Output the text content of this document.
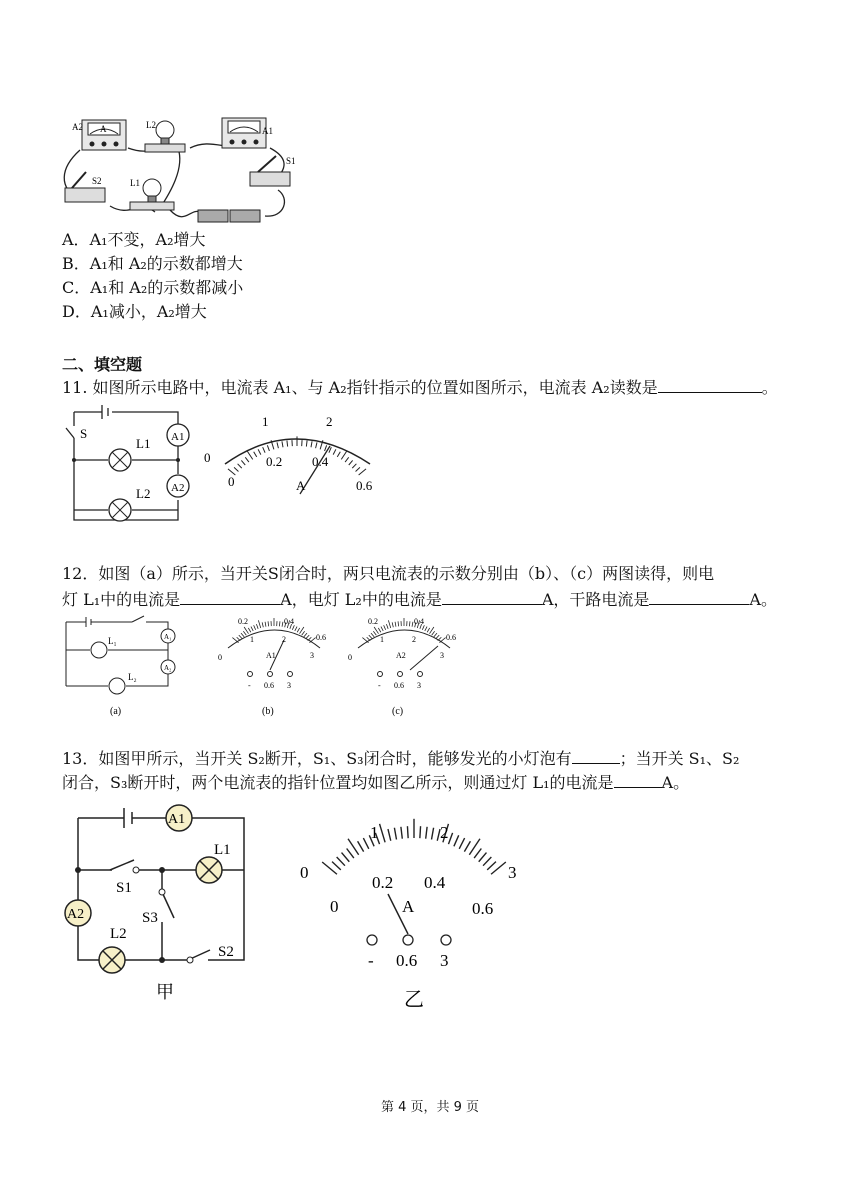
A2	L2
A	A1
S2	L1
S1
A．A₁不变，A₂增大
B．A₁和 A₂的示数都增大
C．A₁和 A₂的示数都减小
D．A₁减小，A₂增大
二、填空题
11. 如图所示电路中，电流表 A₁、与 A₂指针指示的位置如图所示，电流表 A₂读数是	。
S
L1
L2
A1
A2
0
1	2
0
0.2 0.4
0.6
A
12．如图（a）所示，当开关S闭合时，两只电流表的示数分别由（b）、（c）两图读得，则电
灯 L₁中的电流是	A，电灯 L₂中的电流是	A，干路电流是	A。
L₁
L₂
A₁
A₂
(a)
0
1	2
3
0.2	0.4
0.6
A1
- 0.6 3
(b)
0
1	2
3
0.2	0.4
0.6
A2
- 0.6 3
(c)
13．如图甲所示，当开关 S₂断开，S₁、S₃闭合时，能够发光的小灯泡有	；当开关 S₁、S₂
闭合，S₃断开时，两个电流表的指针位置均如图乙所示，则通过灯 L₁的电流是	A。
A1
A2
L1
L2
S1
S3
S2
甲
0
1	2
3
0
0.2 0.4
0.6
A
- 0.6 3
乙
第 4 页，共 9 页
